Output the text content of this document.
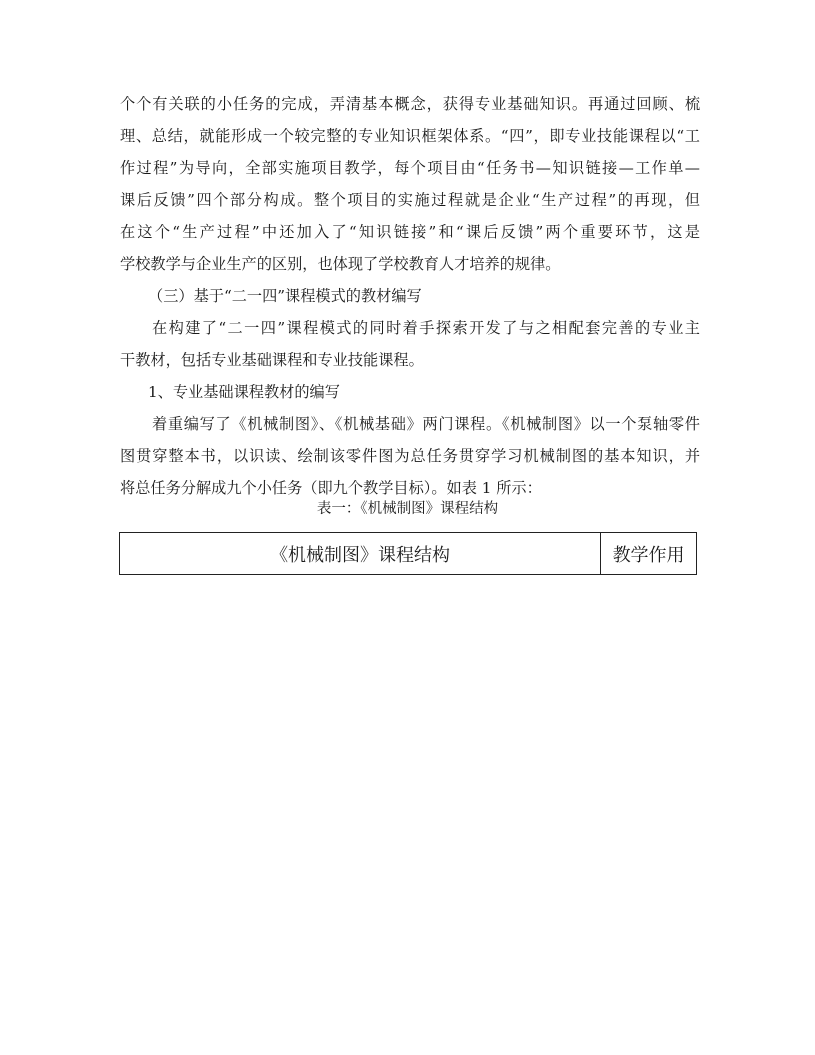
个个有关联的小任务的完成，弄清基本概念，获得专业基础知识。再通过回顾、梳
理、总结，就能形成一个较完整的专业知识框架体系。“四”，即专业技能课程以“工
作过程”为导向，全部实施项目教学，每个项目由“任务书—知识链接—工作单—
课后反馈”四个部分构成。整个项目的实施过程就是企业“生产过程”的再现，但
在这个“生产过程”中还加入了“知识链接”和“课后反馈”两个重要环节，这是
学校教学与企业生产的区别，也体现了学校教育人才培养的规律。
（三）基于“二一四”课程模式的教材编写
在构建了“二一四”课程模式的同时着手探索开发了与之相配套完善的专业主
干教材，包括专业基础课程和专业技能课程。
1、专业基础课程教材的编写
着重编写了《机械制图》、《机械基础》两门课程。《机械制图》以一个泵轴零件
图贯穿整本书，以识读、绘制该零件图为总任务贯穿学习机械制图的基本知识，并
将总任务分解成九个小任务（即九个教学目标）。如表 1 所示：
表一：《机械制图》课程结构
《机械制图》课程结构	教学作用
